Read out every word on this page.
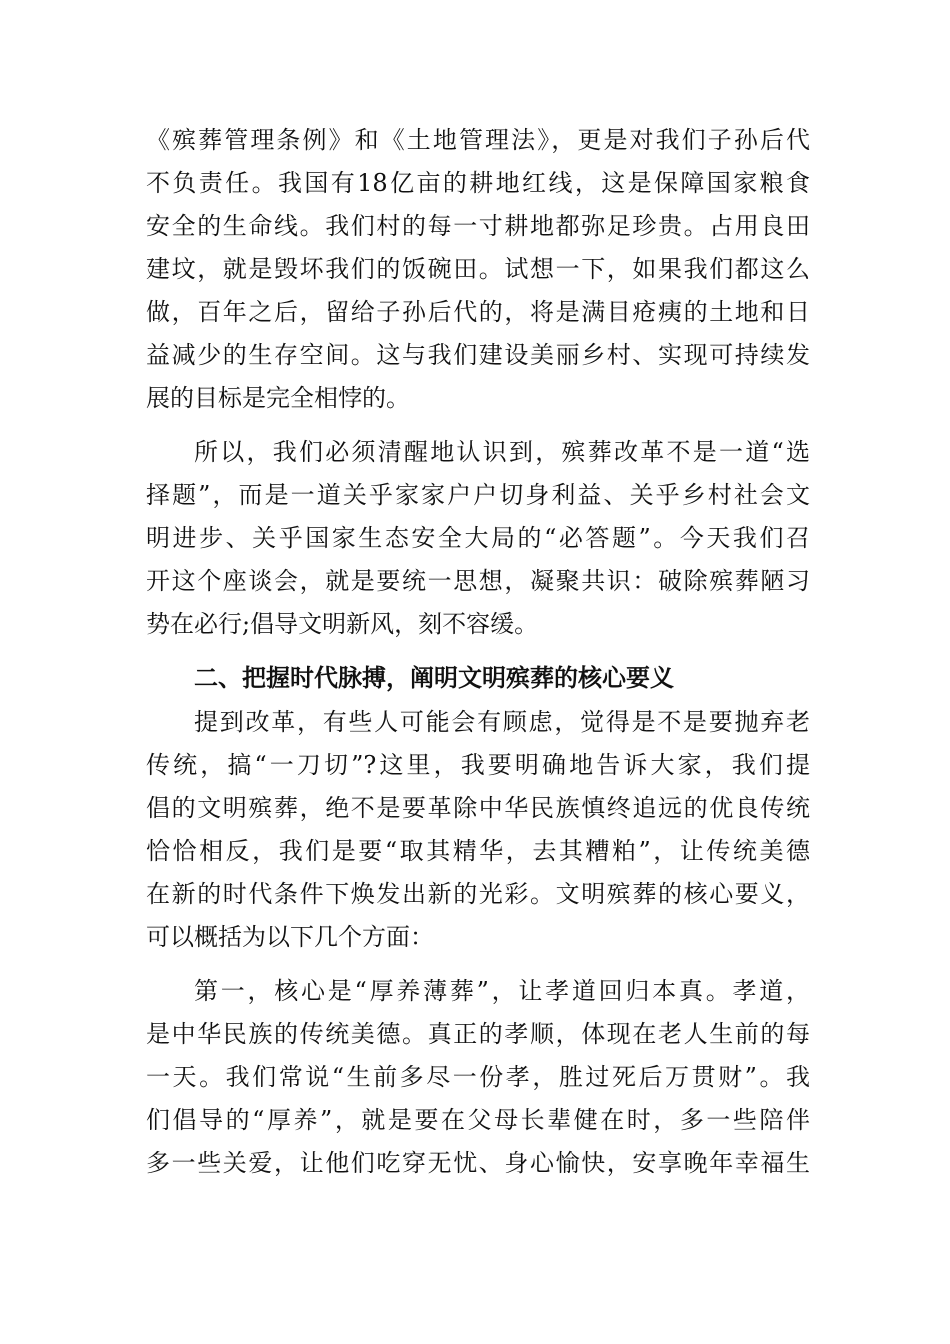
《殡葬管理条例》和《土地管理法》，更是对我们子孙后代
不负责任。我国有18亿亩的耕地红线，这是保障国家粮食
安全的生命线。我们村的每一寸耕地都弥足珍贵。占用良田
建坟，就是毁坏我们的饭碗田。试想一下，如果我们都这么
做，百年之后，留给子孙后代的，将是满目疮痍的土地和日
益减少的生存空间。这与我们建设美丽乡村、实现可持续发
展的目标是完全相悖的。
所以，我们必须清醒地认识到，殡葬改革不是一道“选
择题”，而是一道关乎家家户户切身利益、关乎乡村社会文
明进步、关乎国家生态安全大局的“必答题”。今天我们召
开这个座谈会，就是要统一思想，凝聚共识：破除殡葬陋习
势在必行;倡导文明新风，刻不容缓。
二、把握时代脉搏，阐明文明殡葬的核心要义
提到改革，有些人可能会有顾虑，觉得是不是要抛弃老
传统，搞“一刀切”?这里，我要明确地告诉大家，我们提
倡的文明殡葬，绝不是要革除中华民族慎终追远的优良传统
恰恰相反，我们是要“取其精华，去其糟粕”，让传统美德
在新的时代条件下焕发出新的光彩。文明殡葬的核心要义，
可以概括为以下几个方面：
第一，核心是“厚养薄葬”，让孝道回归本真。孝道，
是中华民族的传统美德。真正的孝顺，体现在老人生前的每
一天。我们常说“生前多尽一份孝，胜过死后万贯财”。我
们倡导的“厚养”，就是要在父母长辈健在时，多一些陪伴
多一些关爱，让他们吃穿无忧、身心愉快，安享晚年幸福生
